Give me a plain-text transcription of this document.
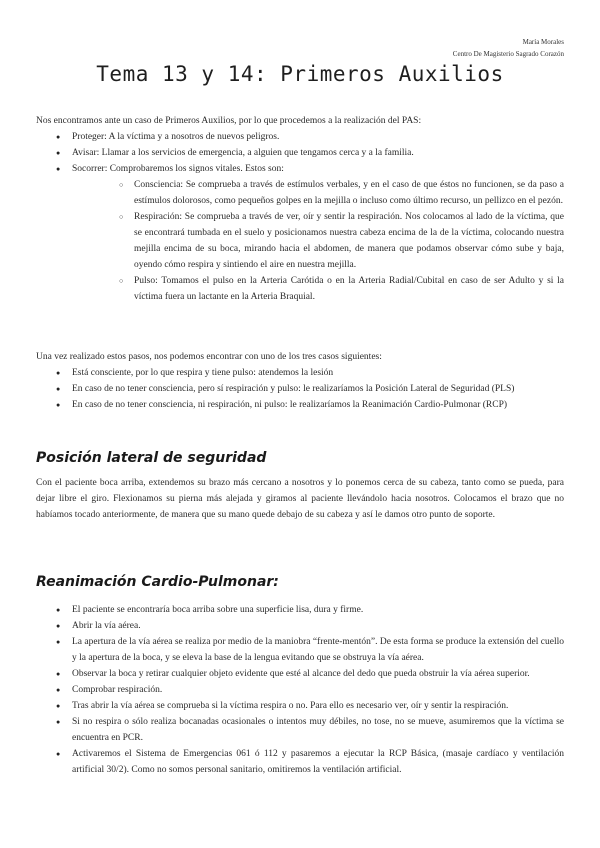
María Morales
Centro De Magisterio Sagrado Corazón
Tema 13 y 14: Primeros Auxilios

Nos encontramos ante un caso de Primeros Auxilios, por lo que procedemos a la realización del PAS:

● Proteger: A la víctima y a nosotros de nuevos peligros.
● Avisar: Llamar a los servicios de emergencia, a alguien que tengamos cerca y a la familia.
● Socorrer: Comprobaremos los signos vitales. Estos son:
○ Consciencia: Se comprueba a través de estímulos verbales, y en el caso de que éstos no funcionen, se da paso a estímulos dolorosos, como pequeños golpes en la mejilla o incluso como último recurso, un pellizco en el pezón.
○ Respiración: Se comprueba a través de ver, oír y sentir la respiración. Nos colocamos al lado de la víctima, que se encontrará tumbada en el suelo y posicionamos nuestra cabeza encima de la de la víctima, colocando nuestra mejilla encima de su boca, mirando hacia el abdomen, de manera que podamos observar cómo sube y baja, oyendo cómo respira y sintiendo el aire en nuestra mejilla.
○ Pulso: Tomamos el pulso en la Arteria Carótida o en la Arteria Radial/Cubital en caso de ser Adulto y si la víctima fuera un lactante en la Arteria Braquial.

Una vez realizado estos pasos, nos podemos encontrar con uno de los tres casos siguientes:

● Está consciente, por lo que respira y tiene pulso: atendemos la lesión
● En caso de no tener consciencia, pero sí respiración y pulso: le realizaríamos la Posición Lateral de Seguridad (PLS)
● En caso de no tener consciencia, ni respiración, ni pulso: le realizaríamos la Reanimación Cardio-Pulmonar (RCP)
Posición lateral de seguridad

Con el paciente boca arriba, extendemos su brazo más cercano a nosotros y lo ponemos cerca de su cabeza, tanto como se pueda, para dejar libre el giro. Flexionamos su pierna más alejada y giramos al paciente llevándolo hacia nosotros. Colocamos el brazo que no habíamos tocado anteriormente, de manera que su mano quede debajo de su cabeza y así le damos otro punto de soporte.

Reanimación Cardio-Pulmonar:
● El paciente se encontraría boca arriba sobre una superficie lisa, dura y firme.
● Abrir la vía aérea.
● La apertura de la vía aérea se realiza por medio de la maniobra “frente-mentón”. De esta forma se produce la extensión del cuello y la apertura de la boca, y se eleva la base de la lengua evitando que se obstruya la vía aérea.
● Observar la boca y retirar cualquier objeto evidente que esté al alcance del dedo que pueda obstruir la vía aérea superior.
● Comprobar respiración.
● Tras abrir la vía aérea se comprueba si la víctima respira o no. Para ello es necesario ver, oír y sentir la respiración.
● Si no respira o sólo realiza bocanadas ocasionales o intentos muy débiles, no tose, no se mueve, asumiremos que la víctima se encuentra en PCR.
● Activaremos el Sistema de Emergencias 061 ó 112 y pasaremos a ejecutar la RCP Básica, (masaje cardíaco y ventilación artificial 30/2). Como no somos personal sanitario, omitiremos la ventilación artificial.
